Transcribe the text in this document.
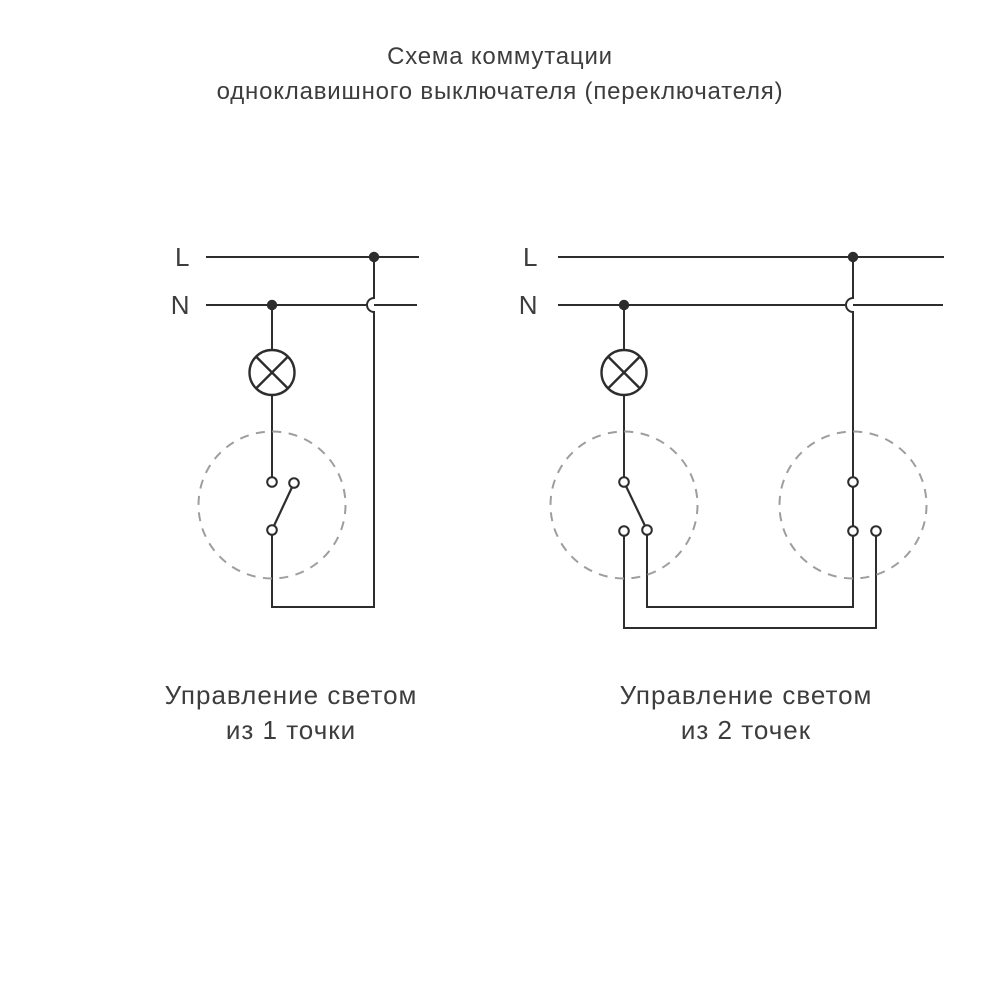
Схема коммутации
одноклавишного выключателя (переключателя)
L
N
Управление светом
из 1 точки
L
N
Управление светом
из 2 точек
